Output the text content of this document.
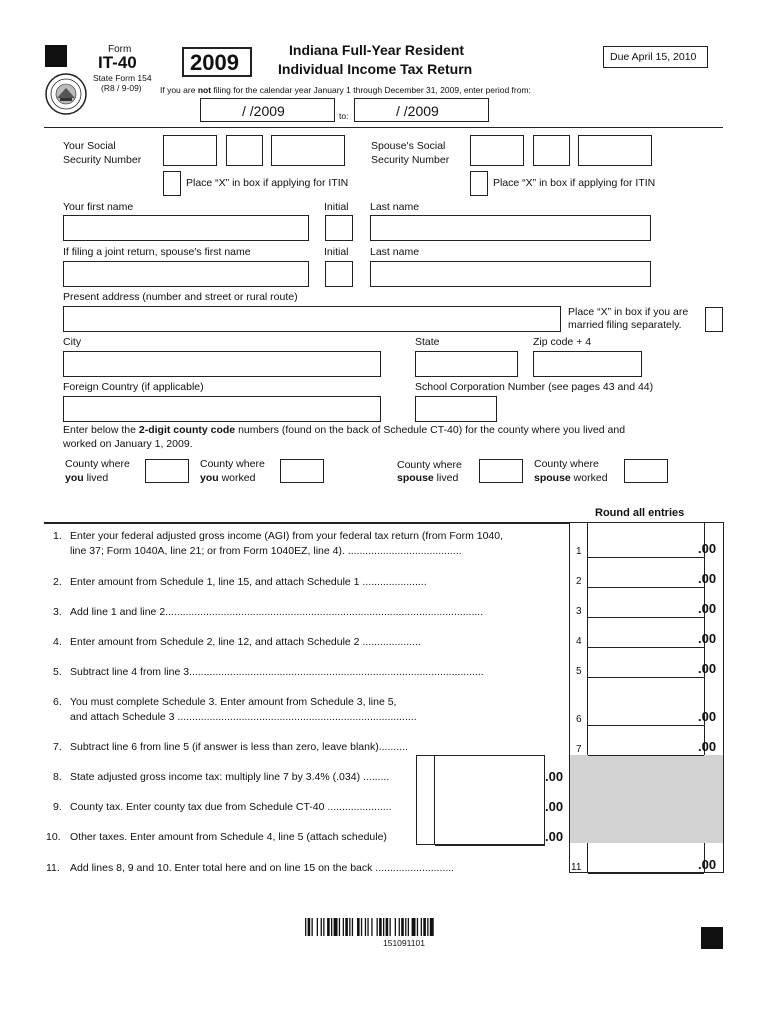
Form
IT-40
State Form 154
(R8 / 9-09)
2009	Indiana Full-Year Resident
Individual Income Tax Return
Due April 15, 2010
If you are not filing for the calendar year January 1 through December 31, 2009, enter period from:
/ /2009	to:	/ /2009
Your Social
Security Number
Spouse's Social
Security Number
Place “X” in box if applying for ITIN	Place “X” in box if applying for ITIN
Your first name	Initial Last name
If filing a joint return, spouse's first name	Initial Last name
Present address (number and street or rural route)
Place “X” in box if you are
married filing separately.
City	State	Zip code + 4
Foreign Country (if applicable)	School Corporation Number (see pages 43 and 44)
Enter below the 2-digit county code numbers (found on the back of Schedule CT-40) for the county where you lived and
worked on January 1, 2009.
County where
you lived
County where
you worked
County where
spouse lived
County where
spouse worked
Round all entries
1. Enter your federal adjusted gross income (AGI) from your federal tax return (from Form 1040,
line 37; Form 1040A, line 21; or from Form 1040EZ, line 4). .......................................	1	.00
2. Enter amount from Schedule 1, line 15, and attach Schedule 1 ......................	2	.00
3. Add line 1 and line 2.............................................................................................................	3	.00
4. Enter amount from Schedule 2, line 12, and attach Schedule 2 ....................	4	.00
5. Subtract line 4 from line 3.....................................................................................................	5	.00
6. You must complete Schedule 3. Enter amount from Schedule 3, line 5,
and attach Schedule 3 ..................................................................................	6	.00
7. Subtract line 6 from line 5 (if answer is less than zero, leave blank)..........	7	.00
8. State adjusted gross income tax: multiply line 7 by 3.4% (.034) .........	.00
9. County tax. Enter county tax due from Schedule CT-40 ......................	.00
10. Other taxes. Enter amount from Schedule 4, line 5 (attach schedule)	.00
11. Add lines 8, 9 and 10. Enter total here and on line 15 on the back ...........................	11	.00
151091101
